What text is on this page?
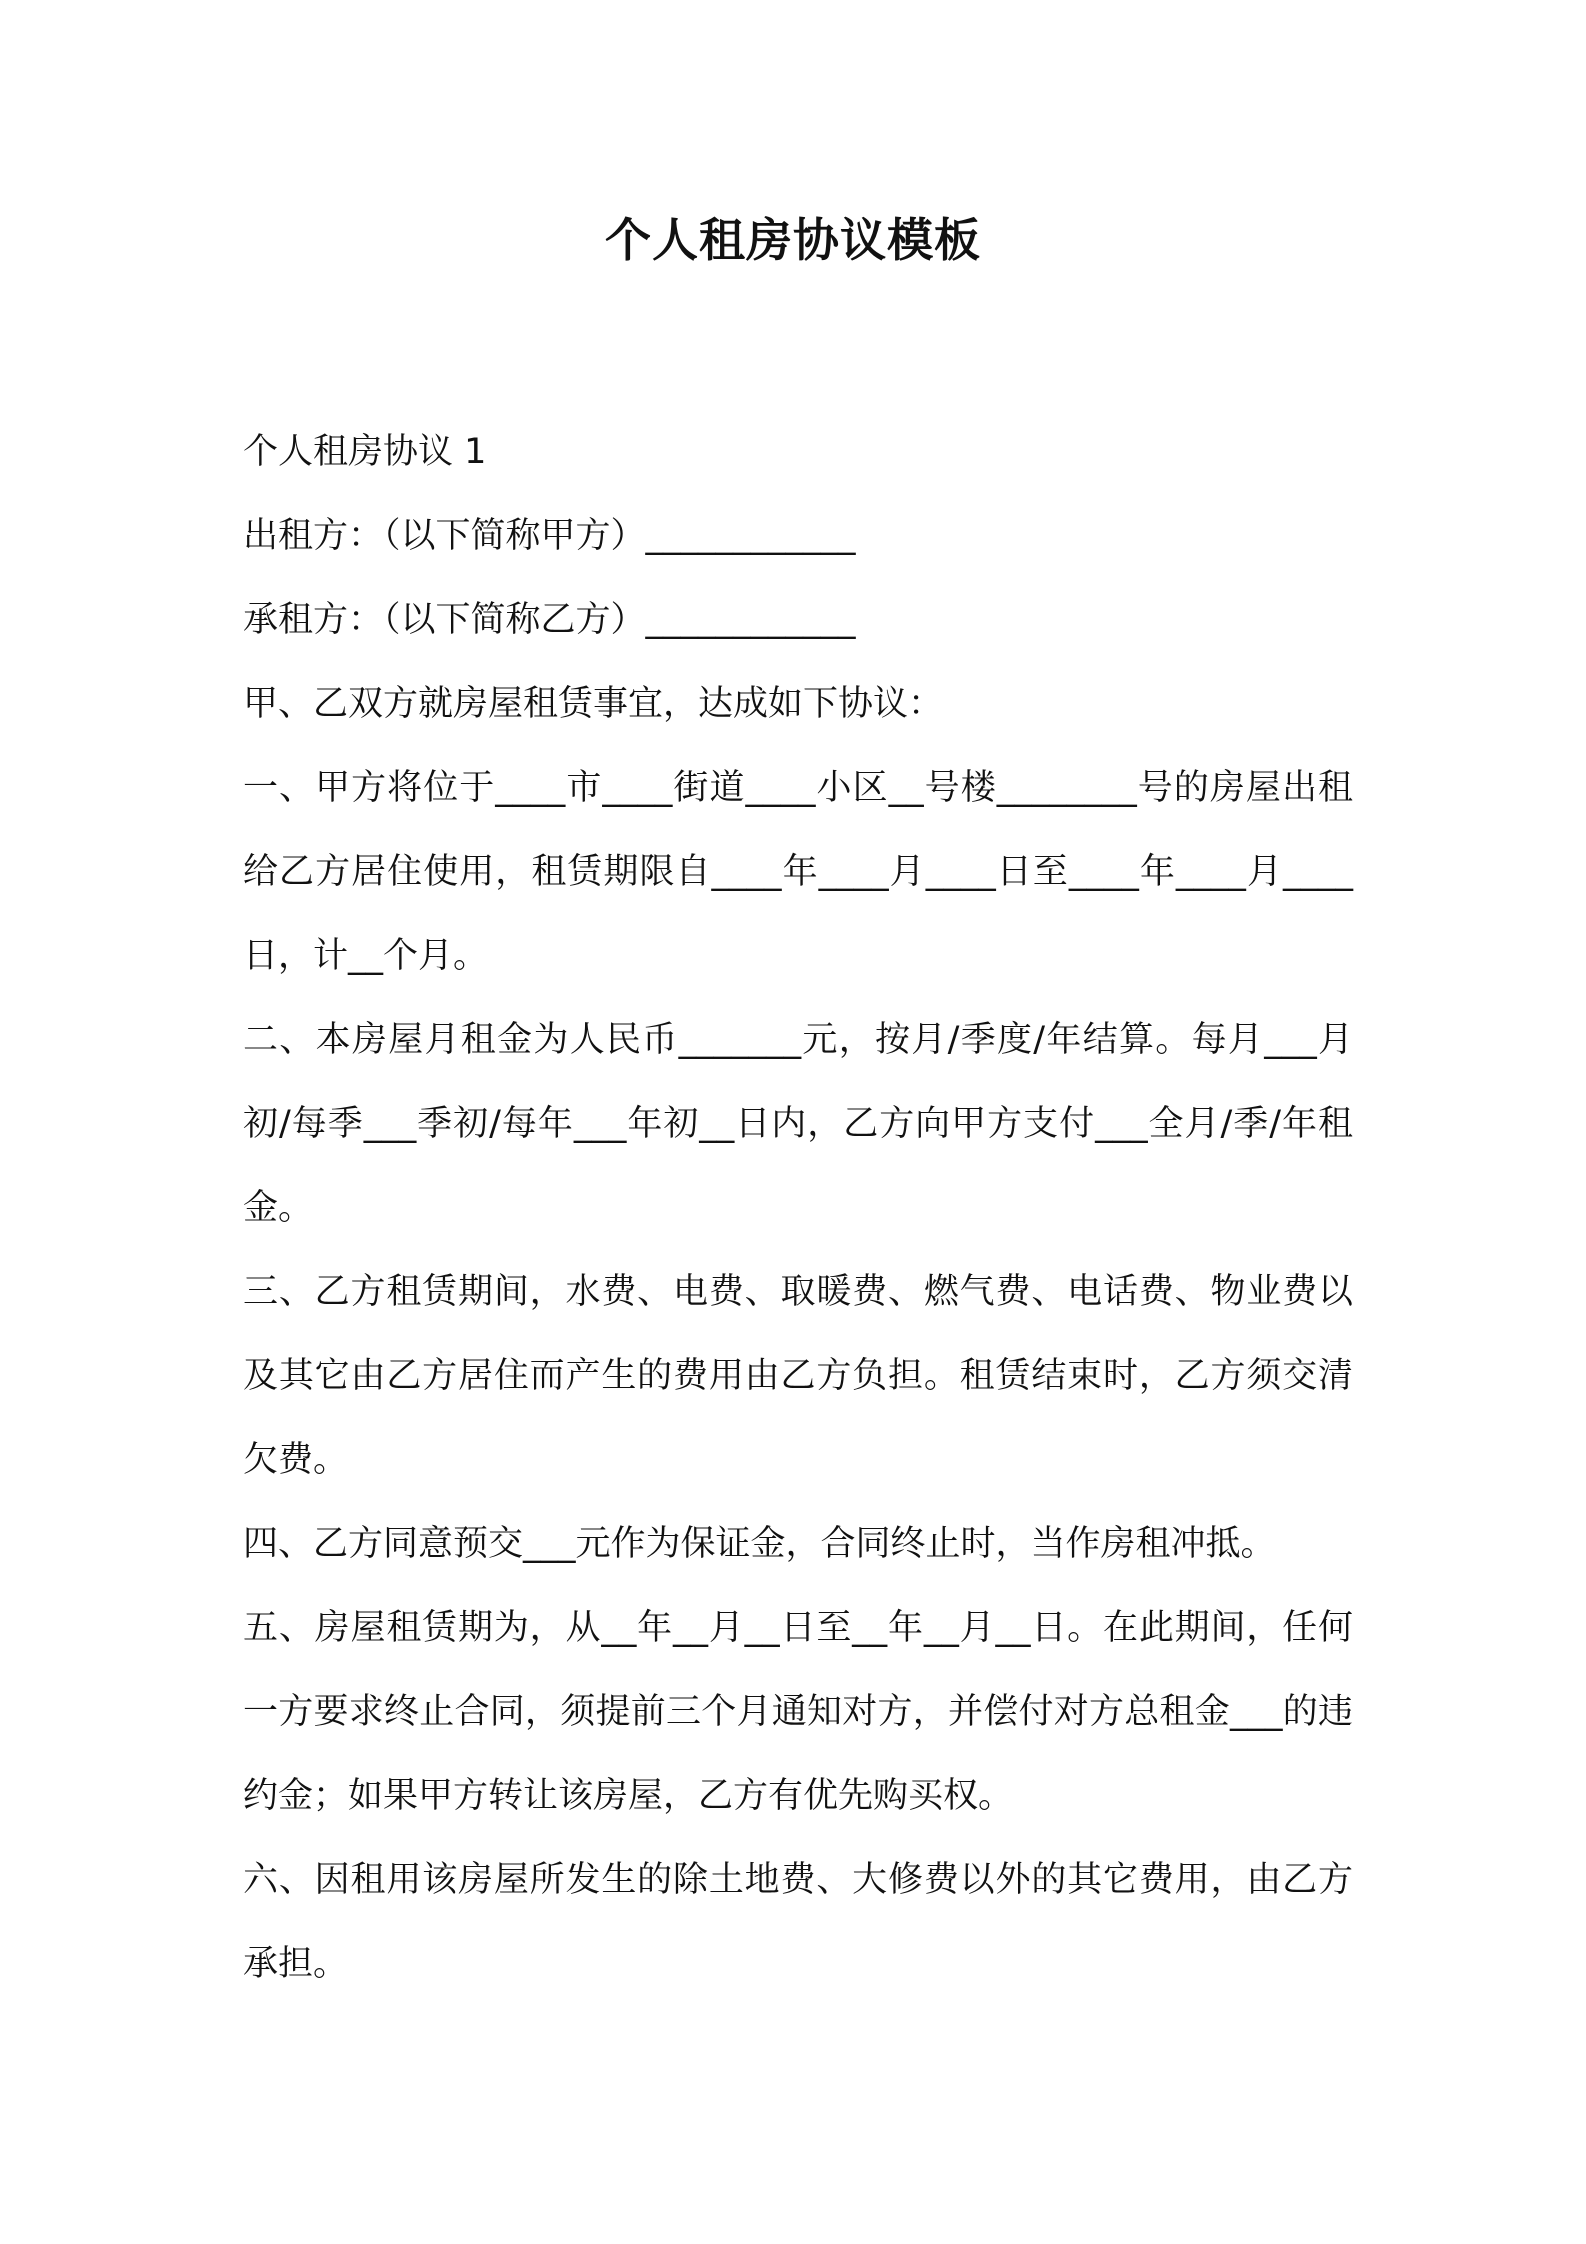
个人租房协议模板

个人租房协议 1

出租方：（以下简称甲方）____________

承租方：（以下简称乙方）____________

甲、乙双方就房屋租赁事宜，达成如下协议：

一、甲方将位于____市____街道____小区__号楼________号的房屋出租给乙方居住使用，租赁期限自____年____月____日至____年____月____日，计__个月。

二、本房屋月租金为人民币_______元，按月/季度/年结算。每月___月初/每季___季初/每年___年初__日内，乙方向甲方支付___全月/季/年租金。

三、乙方租赁期间，水费、电费、取暖费、燃气费、电话费、物业费以及其它由乙方居住而产生的费用由乙方负担。租赁结束时，乙方须交清欠费。

四、乙方同意预交___元作为保证金，合同终止时，当作房租冲抵。

五、房屋租赁期为，从__年__月__日至__年__月__日。在此期间，任何一方要求终止合同，须提前三个月通知对方，并偿付对方总租金___的违约金；如果甲方转让该房屋，乙方有优先购买权。

六、因租用该房屋所发生的除土地费、大修费以外的其它费用，由乙方承担。
